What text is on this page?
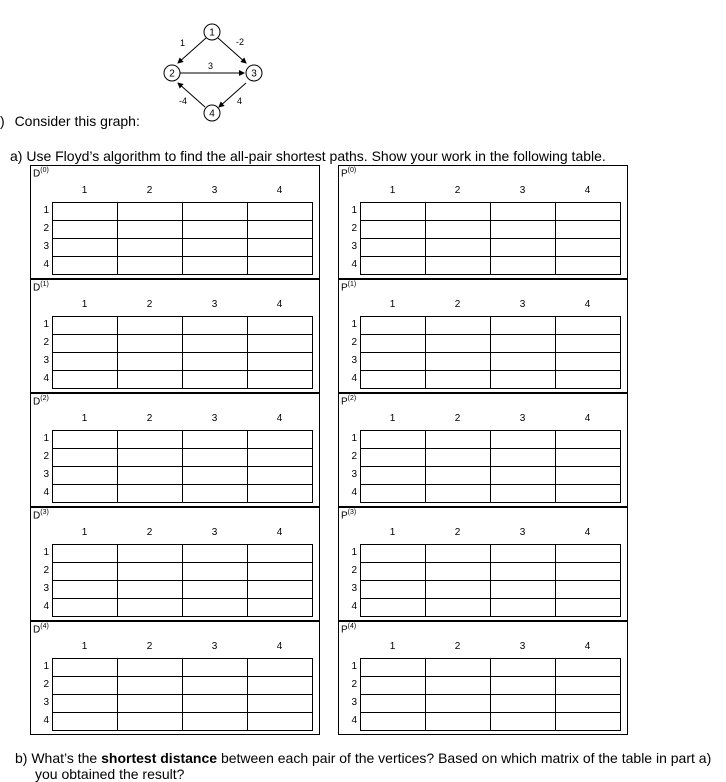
1	-2
3
-4	4
1
2	3
4
) Consider this graph:
a) Use Floyd’s algorithm to find the all-pair shortest paths. Show your work in the following table.
$D^{(0)}$
1	2	3	4
1
2
3
4
$P^{(0)}$
1	2	3	4
1
2
3
4
$D^{(1)}$
1	2	3	4
1
2
3
4
$P^{(1)}$
1	2	3	4
1
2
3
4
$D^{(2)}$
1	2	3	4
1
2
3
4
$P^{(2)}$
1	2	3	4
1
2
3
4
$D^{(3)}$
1	2	3	4
1
2
3
4
$P^{(3)}$
1	2	3	4
1
2
3
4
$D^{(4)}$
1	2	3	4
1
2
3
4
$P^{(4)}$
1	2	3	4
1
2
3
4
b) What’s the shortest distance between each pair of the vertices? Based on which matrix of the table in part a)
you obtained the result?
